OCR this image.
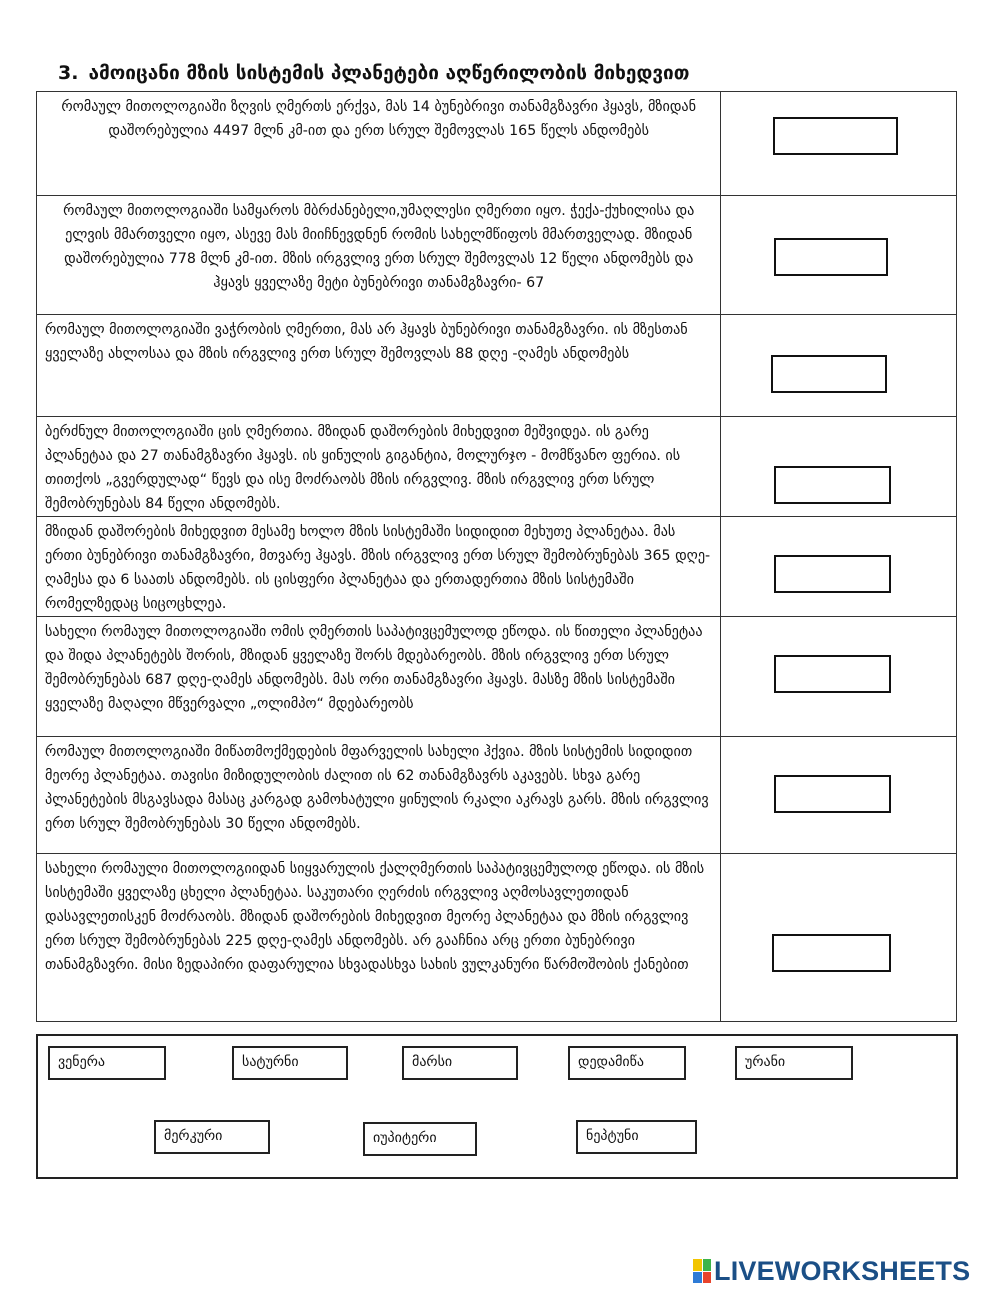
3. ამოიცანი მზის სისტემის პლანეტები აღწერილობის მიხედვით
რომაულ მითოლოგიაში ზღვის ღმერთს ერქვა, მას 14 ბუნებრივი თანამგზავრი ჰყავს, მზიდან დაშორებულია 4497 მლნ კმ-ით და ერთ სრულ შემოვლას 165 წელს ანდომებს	

რომაულ მითოლოგიაში სამყაროს მბრძანებელი,უმაღლესი ღმერთი იყო. ჭექა-ქუხილისა და ელვის მმართველი იყო, ასევე მას მიიჩნევდნენ რომის სახელმწიფოს მმართველად. მზიდან დაშორებულია 778 მლნ კმ-ით. მზის ირგვლივ ერთ სრულ შემოვლას 12 წელი ანდომებს და ჰყავს ყველაზე მეტი ბუნებრივი თანამგზავრი- 67	

რომაულ მითოლოგიაში ვაჭრობის ღმერთი, მას არ ჰყავს ბუნებრივი თანამგზავრი. ის მზესთან ყველაზე ახლოსაა და მზის ირგვლივ ერთ სრულ შემოვლას 88 დღე -ღამეს ანდომებს	

ბერძნულ მითოლოგიაში ცის ღმერთია. მზიდან დაშორების მიხედვით მეშვიდეა. ის გარე პლანეტაა და 27 თანამგზავრი ჰყავს. ის ყინულის გიგანტია, მოლურჯო - მომწვანო ფერია. ის თითქოს „გვერდულად“ წევს და ისე მოძრაობს მზის ირგვლივ. მზის ირგვლივ ერთ სრულ შემობრუნებას 84 წელი ანდომებს.	

მზიდან დაშორების მიხედვით მესამე ხოლო მზის სისტემაში სიდიდით მეხუთე პლანეტაა. მას ერთი ბუნებრივი თანამგზავრი, მთვარე ჰყავს. მზის ირგვლივ ერთ სრულ შემობრუნებას 365 დღე-ღამესა და 6 საათს ანდომებს. ის ცისფერი პლანეტაა და ერთადერთია მზის სისტემაში რომელზედაც სიცოცხლეა.	

სახელი რომაულ მითოლოგიაში ომის ღმერთის საპატივცემულოდ ეწოდა. ის წითელი პლანეტაა და შიდა პლანეტებს შორის, მზიდან ყველაზე შორს მდებარეობს. მზის ირგვლივ ერთ სრულ შემობრუნებას 687 დღე-ღამეს ანდომებს. მას ორი თანამგზავრი ჰყავს. მასზე მზის სისტემაში ყველაზე მაღალი მწვერვალი „ოლიმპო“ მდებარეობს	

რომაულ მითოლოგიაში მიწათმოქმედების მფარველის სახელი ჰქვია. მზის სისტემის სიდიდით მეორე პლანეტაა. თავისი მიზიდულობის ძალით ის 62 თანამგზავრს აკავებს. სხვა გარე პლანეტების მსგავსადა მასაც კარგად გამოხატული ყინულის რკალი აკრავს გარს. მზის ირგვლივ ერთ სრულ შემობრუნებას 30 წელი ანდომებს.	

სახელი რომაული მითოლოგიიდან სიყვარულის ქალღმერთის საპატივცემულოდ ეწოდა. ის მზის სისტემაში ყველაზე ცხელი პლანეტაა. საკუთარი ღერძის ირგვლივ აღმოსავლეთიდან დასავლეთისკენ მოძრაობს. მზიდან დაშორების მიხედვით მეორე პლანეტაა და მზის ირგვლივ ერთ სრულ შემობრუნებას 225 დღე-ღამეს ანდომებს. არ გააჩნია არც ერთი ბუნებრივი თანამგზავრი. მისი ზედაპირი დაფარულია სხვადასხვა სახის ვულკანური წარმოშობის ქანებით	
ვენერა	სატურნი	მარსი	დედამიწა	ურანი
მერკური	იუპიტერი	ნეპტუნი
LIVEWORKSHEETS
